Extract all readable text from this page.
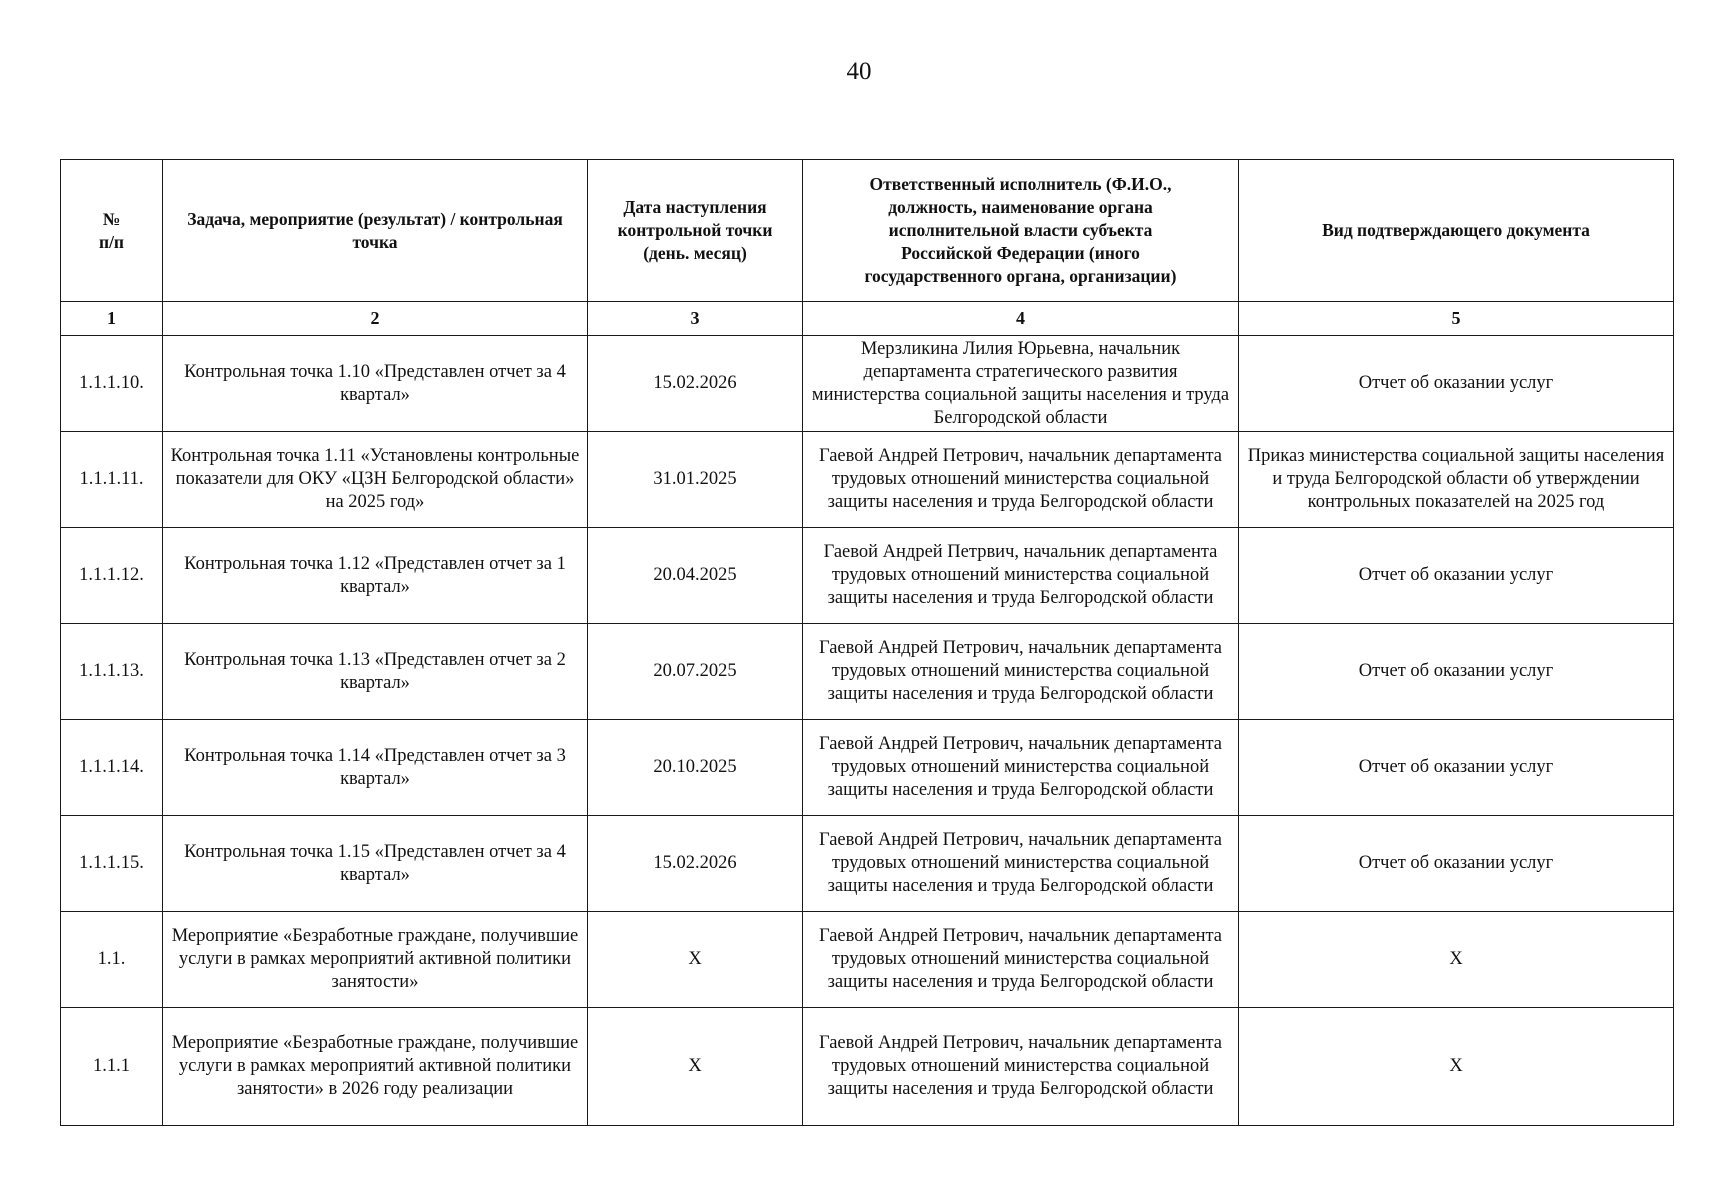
40
№
п/п	Задача, мероприятие (результат) / контрольная точка	Дата наступления контрольной точки (день. месяц)	Ответственный исполнитель (Ф.И.О., должность, наименование органа исполнительной власти субъекта Российской Федерации (иного государственного органа, организации)	Вид подтверждающего документа
1	2	3	4	5
1.1.1.10.	Контрольная точка 1.10 «Представлен отчет за 4 квартал»	15.02.2026	Мерзликина Лилия Юрьевна, начальник департамента стратегического развития министерства социальной защиты населения и труда Белгородской области	Отчет об оказании услуг
1.1.1.11.	Контрольная точка 1.11 «Установлены контрольные показатели для ОКУ «ЦЗН Белгородской области» на 2025 год»	31.01.2025	Гаевой Андрей Петрович, начальник департамента трудовых отношений министерства социальной защиты населения и труда Белгородской области	Приказ министерства социальной защиты населения и труда Белгородской области об утверждении контрольных показателей на 2025 год
1.1.1.12.	Контрольная точка 1.12 «Представлен отчет за 1 квартал»	20.04.2025	Гаевой Андрей Петрвич, начальник департамента трудовых отношений министерства социальной защиты населения и труда Белгородской области	Отчет об оказании услуг
1.1.1.13.	Контрольная точка 1.13 «Представлен отчет за 2 квартал»	20.07.2025	Гаевой Андрей Петрович, начальник департамента трудовых отношений министерства социальной защиты населения и труда Белгородской области	Отчет об оказании услуг
1.1.1.14.	Контрольная точка 1.14 «Представлен отчет за 3 квартал»	20.10.2025	Гаевой Андрей Петрович, начальник департамента трудовых отношений министерства социальной защиты населения и труда Белгородской области	Отчет об оказании услуг
1.1.1.15.	Контрольная точка 1.15 «Представлен отчет за 4 квартал»	15.02.2026	Гаевой Андрей Петрович, начальник департамента трудовых отношений министерства социальной защиты населения и труда Белгородской области	Отчет об оказании услуг
1.1.	Мероприятие «Безработные граждане, получившие услуги в рамках мероприятий активной политики занятости»	Х	Гаевой Андрей Петрович, начальник департамента трудовых отношений министерства социальной защиты населения и труда Белгородской области	Х
1.1.1	Мероприятие «Безработные граждане, получившие услуги в рамках мероприятий активной политики занятости» в 2026 году реализации	Х	Гаевой Андрей Петрович, начальник департамента трудовых отношений министерства социальной защиты населения и труда Белгородской области	Х
